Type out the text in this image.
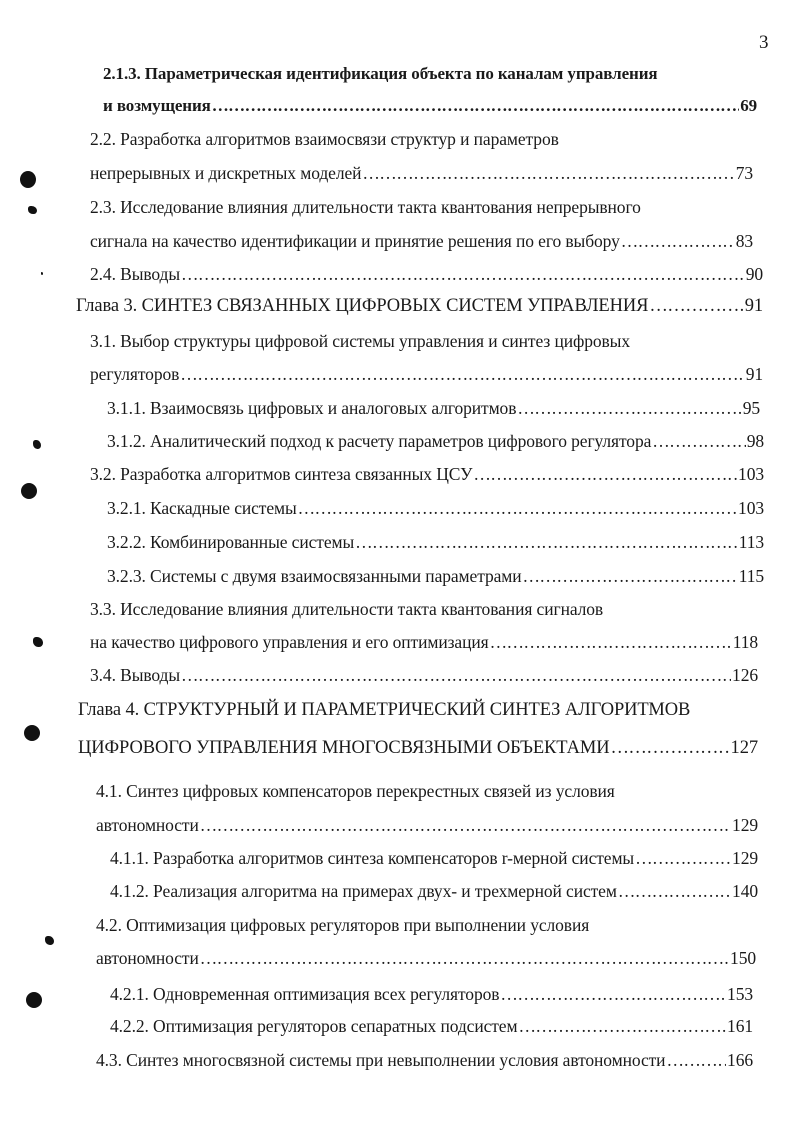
3
2.1.3. Параметрическая идентификация объекта по каналам управления
и возмущения …………………………………………………………………………………………………………………………………………………………	69
2.2. Разработка алгоритмов взаимосвязи структур и параметров
непрерывных и дискретных моделей …………………………………………………………………………………………………………………………………………………………	73
2.3. Исследование влияния длительности такта квантования непрерывного
сигнала на качество идентификации и принятие решения по его выбору …………………………………………………………………………………………………………………………………………………………	83
2.4. Выводы …………………………………………………………………………………………………………………………………………………………	90
Глава 3. СИНТЕЗ СВЯЗАННЫХ ЦИФРОВЫХ СИСТЕМ УПРАВЛЕНИЯ …………………………………………………………………………………………………………………………………………………………	91
3.1. Выбор структуры цифровой системы управления и синтез цифровых
регуляторов …………………………………………………………………………………………………………………………………………………………	91
3.1.1. Взаимосвязь цифровых и аналоговых алгоритмов …………………………………………………………………………………………………………………………………………………………	95
3.1.2. Аналитический подход к расчету параметров цифрового регулятора …………………………………………………………………………………………………………………………………………………………	98
3.2. Разработка алгоритмов синтеза связанных ЦСУ …………………………………………………………………………………………………………………………………………………………	103
3.2.1. Каскадные системы …………………………………………………………………………………………………………………………………………………………	103
3.2.2. Комбинированные системы …………………………………………………………………………………………………………………………………………………………	113
3.2.3. Системы с двумя взаимосвязанными параметрами …………………………………………………………………………………………………………………………………………………………	115
3.3. Исследование влияния длительности такта квантования сигналов
на качество цифрового управления и его оптимизация …………………………………………………………………………………………………………………………………………………………	118
3.4. Выводы …………………………………………………………………………………………………………………………………………………………	126
Глава 4. СТРУКТУРНЫЙ И ПАРАМЕТРИЧЕСКИЙ СИНТЕЗ АЛГОРИТМОВ
ЦИФРОВОГО УПРАВЛЕНИЯ МНОГОСВЯЗНЫМИ ОБЪЕКТАМИ …………………………………………………………………………………………………………………………………………………………	127
4.1. Синтез цифровых компенсаторов перекрестных связей из условия
автономности …………………………………………………………………………………………………………………………………………………………	129
4.1.1. Разработка алгоритмов синтеза компенсаторов r-мерной системы …………………………………………………………………………………………………………………………………………………………	129
4.1.2. Реализация алгоритма на примерах двух- и трехмерной систем …………………………………………………………………………………………………………………………………………………………	140
4.2. Оптимизация цифровых регуляторов при выполнении условия
автономности …………………………………………………………………………………………………………………………………………………………	150
4.2.1. Одновременная оптимизация всех регуляторов …………………………………………………………………………………………………………………………………………………………	153
4.2.2. Оптимизация регуляторов сепаратных подсистем …………………………………………………………………………………………………………………………………………………………	161
4.3. Синтез многосвязной системы при невыполнении условия автономности …………………………………………………………………………………………………………………………………………………………	166
